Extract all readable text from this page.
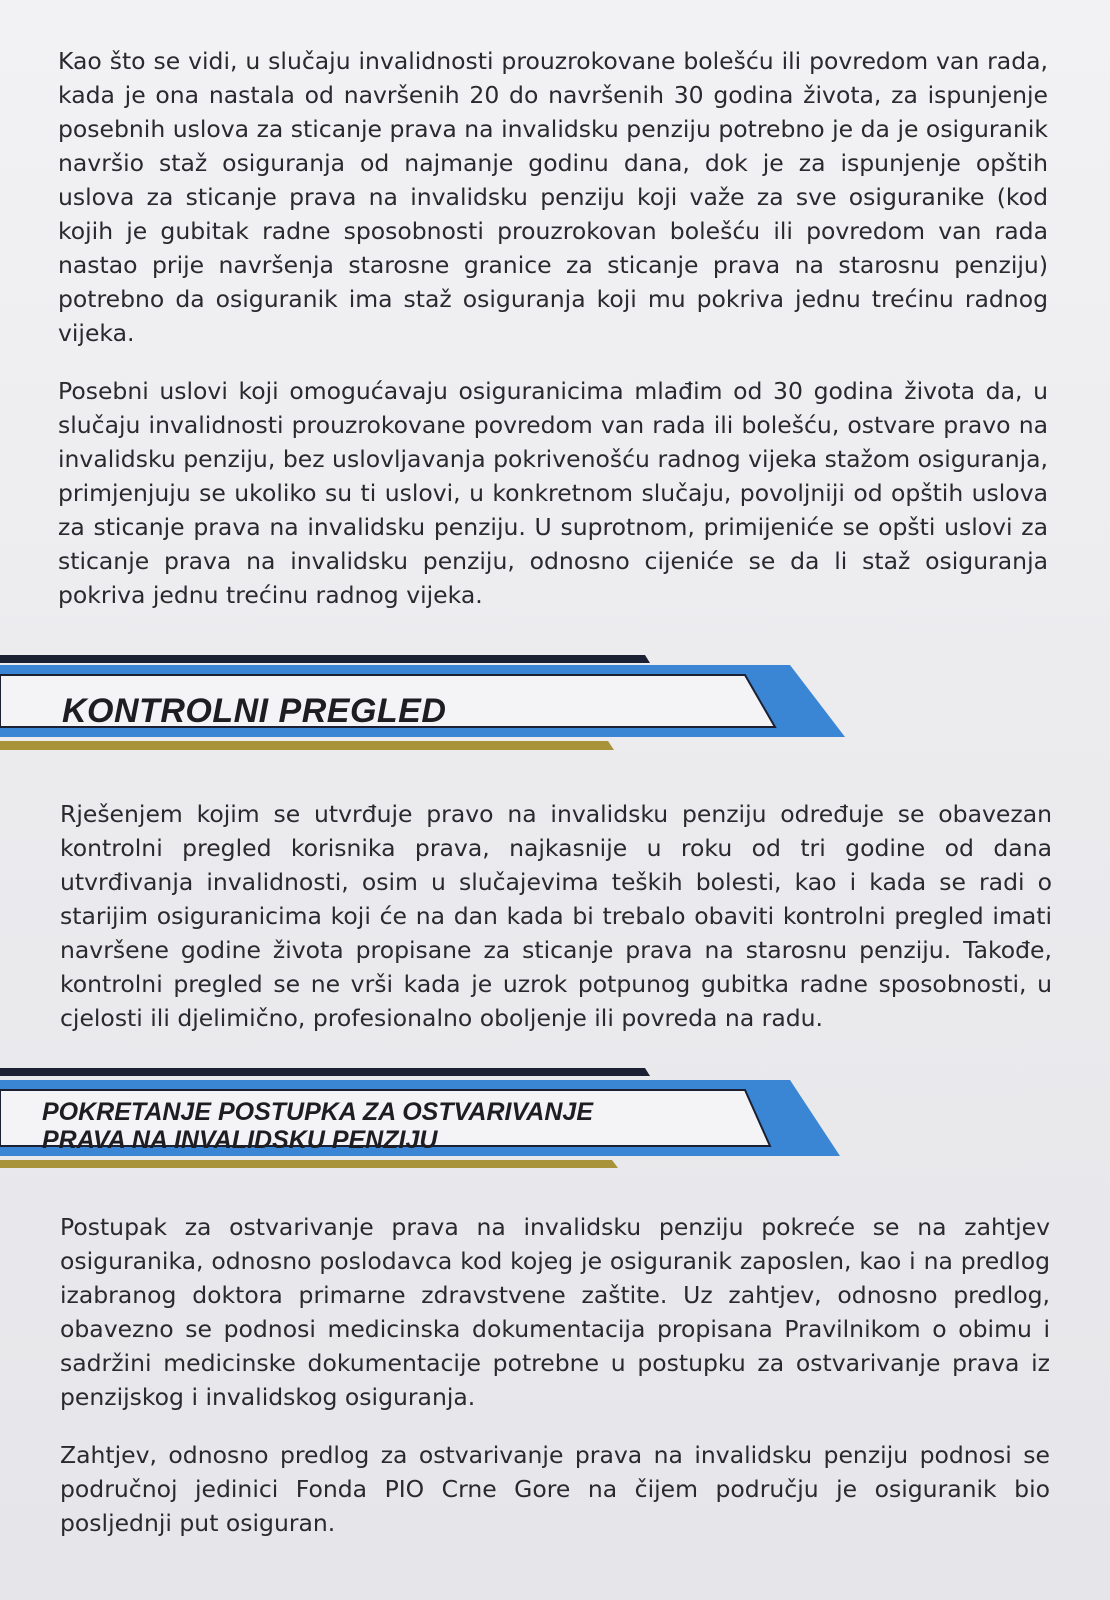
Kao što se vidi, u slučaju invalidnosti prouzrokovane bolešću ili povredom van rada, kada je ona nastala od navršenih 20 do navršenih 30 godina života, za ispunjenje posebnih uslova za sticanje prava na invalidsku penziju potrebno je da je osiguranik navršio staž osiguranja od najmanje godinu dana, dok je za ispunjenje opštih uslova za sticanje prava na invalidsku penziju koji važe za sve osiguranike (kod kojih je gubitak radne sposobnosti prouzrokovan bolešću ili povredom van rada nastao prije navršenja starosne granice za sticanje prava na starosnu penziju) potrebno da osiguranik ima staž osiguranja koji mu pokriva jednu trećinu radnog vijeka.

Posebni uslovi koji omogućavaju osiguranicima mlađim od 30 godina života da, u slučaju invalidnosti prouzrokovane povredom van rada ili bolešću, ostvare pravo na invalidsku penziju, bez uslovljavanja pokrivenošću radnog vijeka stažom osiguranja, primjenjuju se ukoliko su ti uslovi, u konkretnom slučaju, povoljniji od opštih uslova za sticanje prava na invalidsku penziju. U suprotnom, primijeniće se opšti uslovi za sticanje prava na invalidsku penziju, odnosno cijeniće se da li staž osiguranja pokriva jednu trećinu radnog vijeka.

KONTROLNI PREGLED

Rješenjem kojim se utvrđuje pravo na invalidsku penziju određuje se obavezan kontrolni pregled korisnika prava, najkasnije u roku od tri godine od dana utvrđivanja invalidnosti, osim u slučajevima teških bolesti, kao i kada se radi o starijim osiguranicima koji će na dan kada bi trebalo obaviti kontrolni pregled imati navršene godine života propisane za sticanje prava na starosnu penziju. Takođe, kontrolni pregled se ne vrši kada je uzrok potpunog gubitka radne sposobnosti, u cjelosti ili djelimično, profesionalno oboljenje ili povreda na radu.

POKRETANJE POSTUPKA ZA OSTVARIVANJE
PRAVA NA INVALIDSKU PENZIJU

Postupak za ostvarivanje prava na invalidsku penziju pokreće se na zahtjev osiguranika, odnosno poslodavca kod kojeg je osiguranik zaposlen, kao i na predlog izabranog doktora primarne zdravstvene zaštite. Uz zahtjev, odnosno predlog, obavezno se podnosi medicinska dokumentacija propisana Pravilnikom o obimu i sadržini medicinske dokumentacije potrebne u postupku za ostvarivanje prava iz penzijskog i invalidskog osiguranja.

Zahtjev, odnosno predlog za ostvarivanje prava na invalidsku penziju podnosi se područnoj jedinici Fonda PIO Crne Gore na čijem području je osiguranik bio posljednji put osiguran.
